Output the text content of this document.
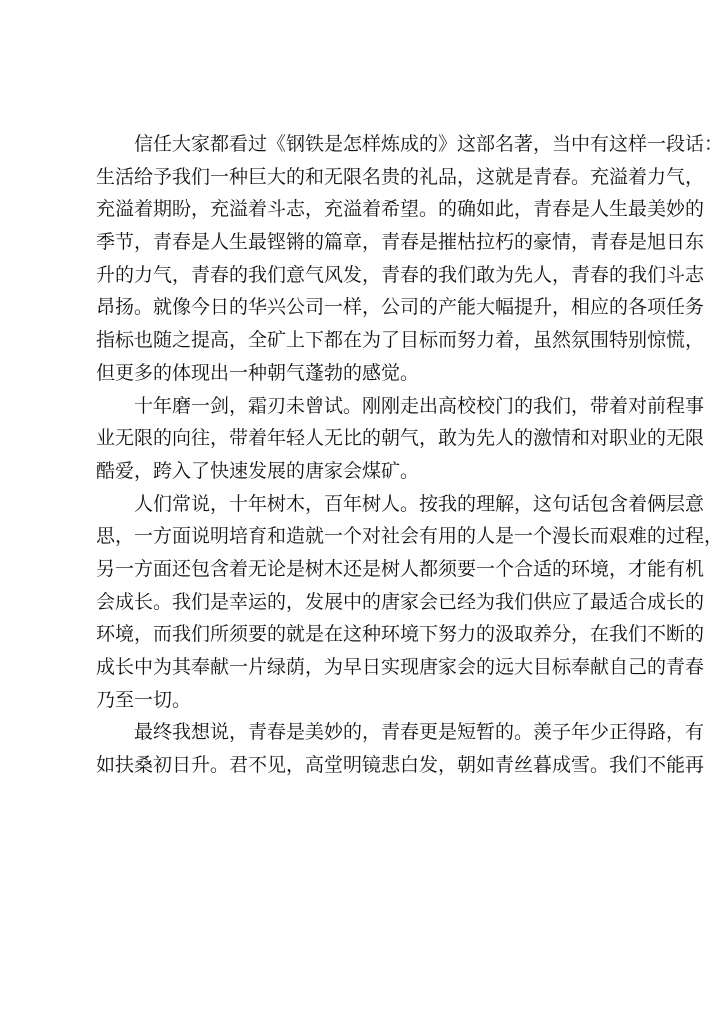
信任大家都看过《钢铁是怎样炼成的》这部名著，当中有这样一段话：
生活给予我们一种巨大的和无限名贵的礼品，这就是青春。充溢着力气，
充溢着期盼，充溢着斗志，充溢着希望。的确如此，青春是人生最美妙的
季节，青春是人生最铿锵的篇章，青春是摧枯拉朽的豪情，青春是旭日东
升的力气，青春的我们意气风发，青春的我们敢为先人，青春的我们斗志
昂扬。就像今日的华兴公司一样，公司的产能大幅提升，相应的各项任务
指标也随之提高，全矿上下都在为了目标而努力着，虽然氛围特别惊慌，
但更多的体现出一种朝气蓬勃的感觉。
十年磨一剑，霜刃未曾试。刚刚走出高校校门的我们，带着对前程事
业无限的向往，带着年轻人无比的朝气，敢为先人的激情和对职业的无限
酷爱，跨入了快速发展的唐家会煤矿。
人们常说，十年树木，百年树人。按我的理解，这句话包含着俩层意
思，一方面说明培育和造就一个对社会有用的人是一个漫长而艰难的过程，
另一方面还包含着无论是树木还是树人都须要一个合适的环境，才能有机
会成长。我们是幸运的，发展中的唐家会已经为我们供应了最适合成长的
环境，而我们所须要的就是在这种环境下努力的汲取养分，在我们不断的
成长中为其奉献一片绿荫，为早日实现唐家会的远大目标奉献自己的青春
乃至一切。
最终我想说，青春是美妙的，青春更是短暂的。羡子年少正得路，有
如扶桑初日升。君不见，高堂明镜悲白发，朝如青丝暮成雪。我们不能再
